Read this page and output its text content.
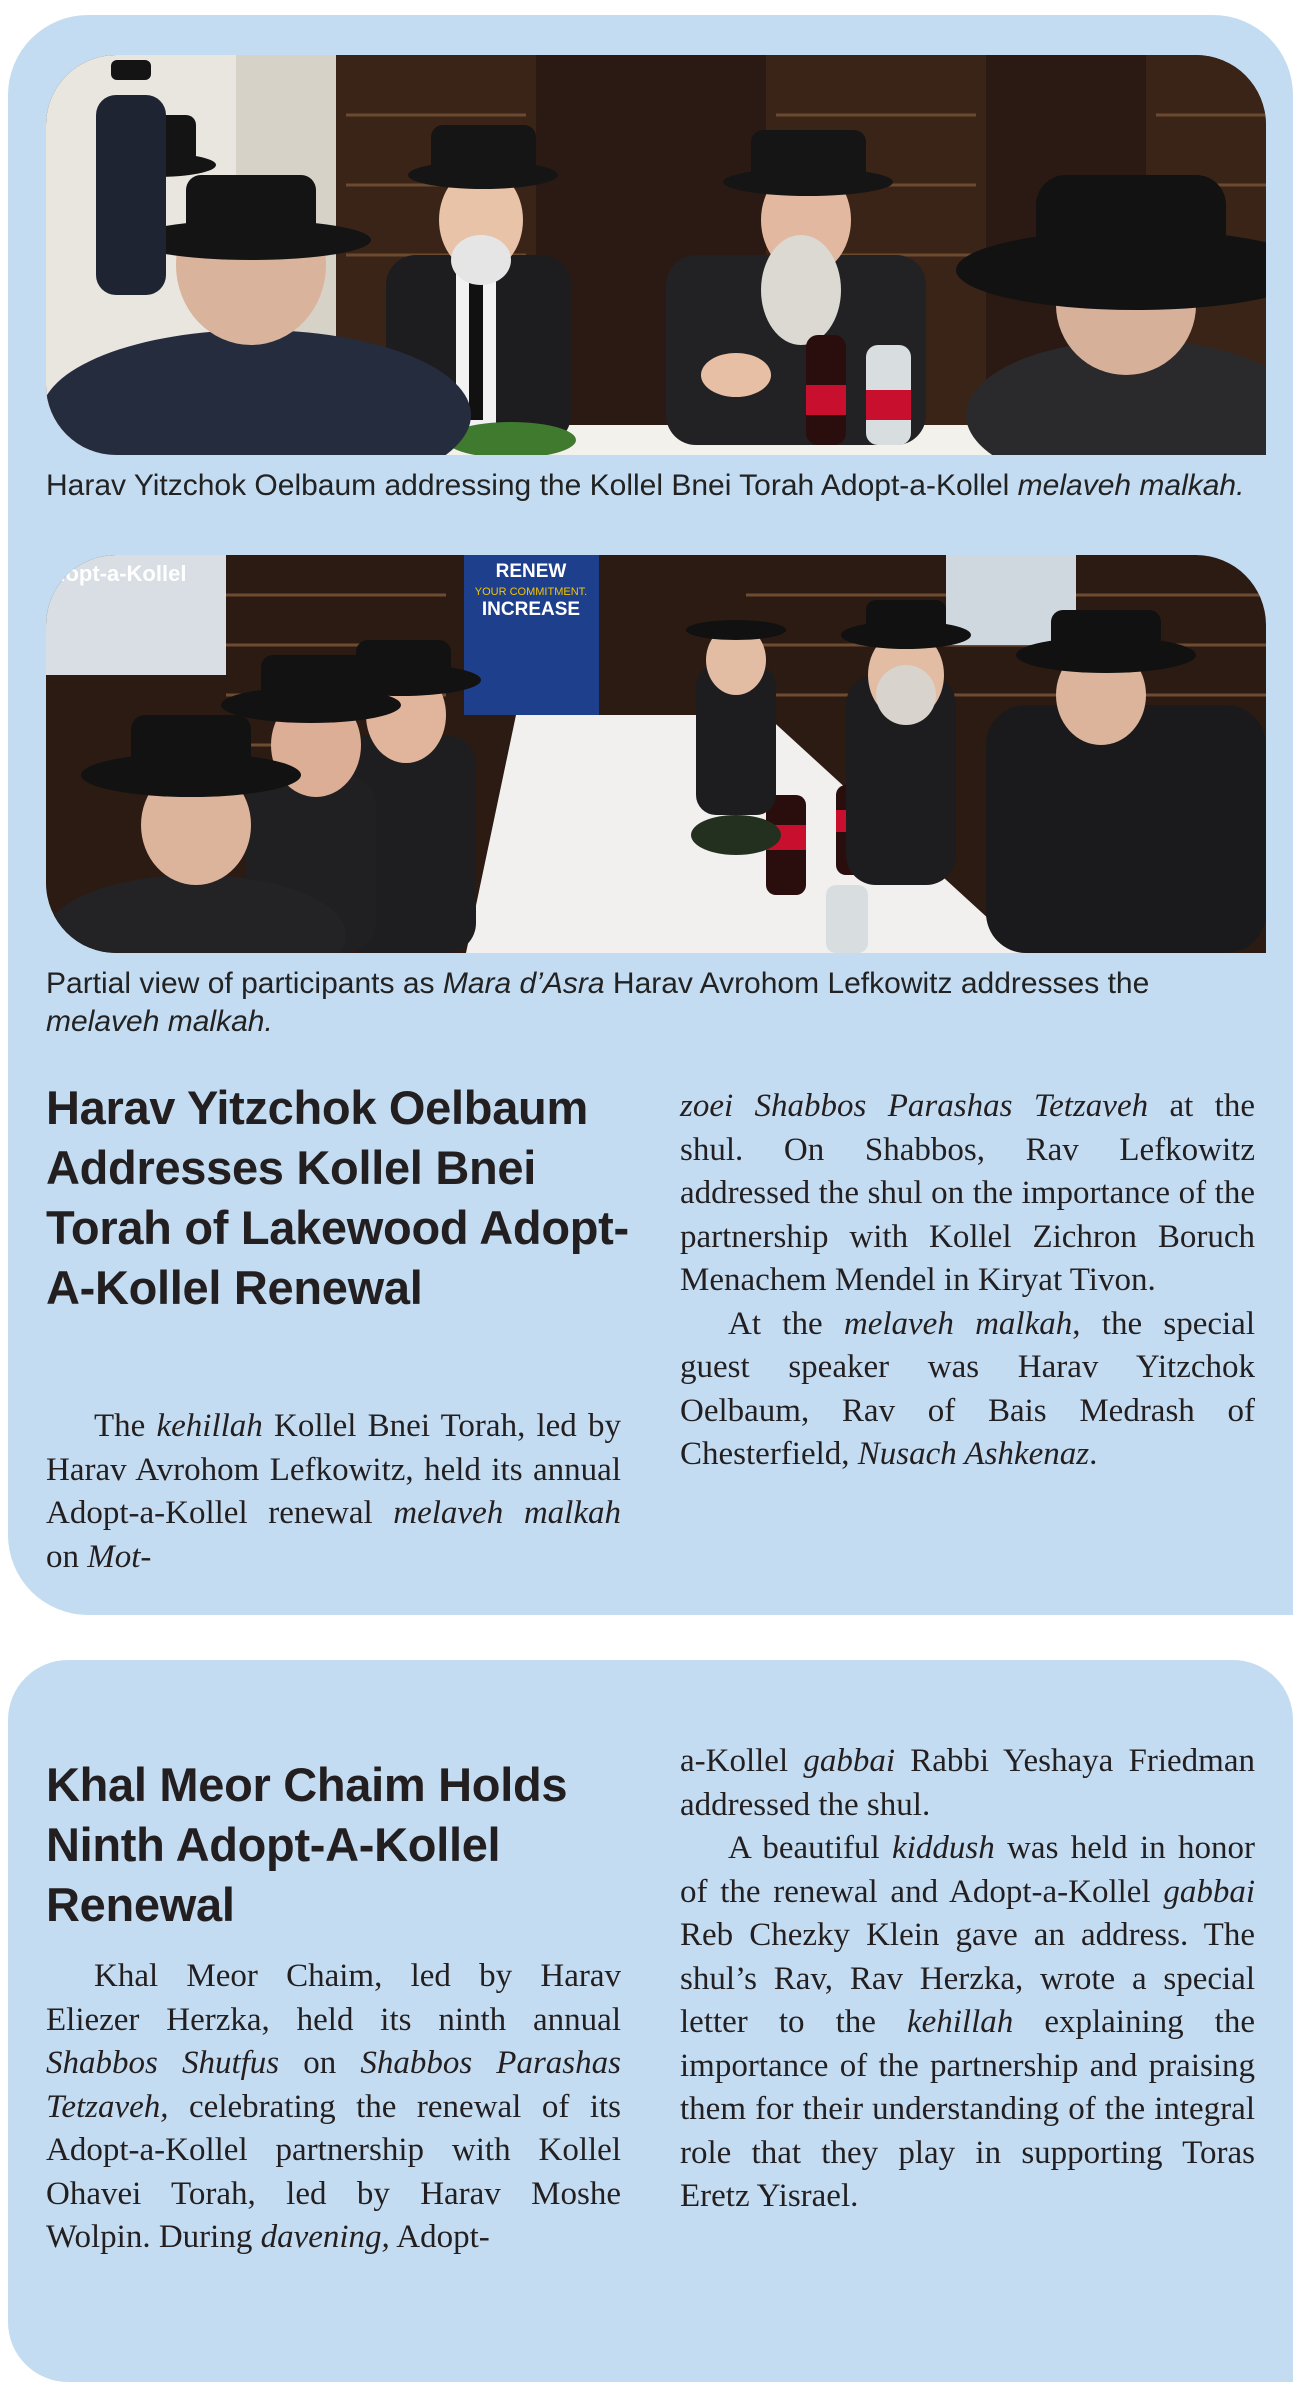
Harav Yitzchok Oelbaum addressing the Kollel Bnei Torah Adopt-a-Kollel melaveh malkah.
dopt-a-Kollel	RENEW
YOUR COMMITMENT.
INCREASE
Partial view of participants as Mara d’Asra Harav Avrohom Lefkowitz addresses the melaveh malkah.
Harav Yitzchok Oelbaum Addresses Kollel Bnei Torah of Lakewood Adopt-A-Kollel Renewal

The kehillah Kollel Bnei Torah, led by Harav Avrohom Lefkowitz, held its annual Adopt-a-Kollel renewal melaveh malkah on Mot-

zoei Shabbos Parashas Tetzaveh at the shul. On Shabbos, Rav Lefkowitz addressed the shul on the importance of the partnership with Kollel Zichron Boruch Menachem Mendel in Kiryat Tivon.

At the melaveh malkah, the special guest speaker was Harav Yitzchok Oelbaum, Rav of Bais Medrash of Chesterfield, Nusach Ashkenaz.

Khal Meor Chaim Holds Ninth Adopt-A-Kollel Renewal

Khal Meor Chaim, led by Harav Eliezer Herzka, held its ninth annual Shabbos Shutfus on Shabbos Parashas Tetzaveh, celebrating the renewal of its Adopt-a-Kollel partnership with Kollel Ohavei Torah, led by Harav Moshe Wolpin. During davening, Adopt-

a-Kollel gabbai Rabbi Yeshaya Friedman addressed the shul.

A beautiful kiddush was held in honor of the renewal and Adopt-a-Kollel gabbai Reb Chezky Klein gave an address. The shul’s Rav, Rav Herzka, wrote a special letter to the kehillah explaining the importance of the partnership and praising them for their understanding of the integral role that they play in supporting Toras Eretz Yisrael.
